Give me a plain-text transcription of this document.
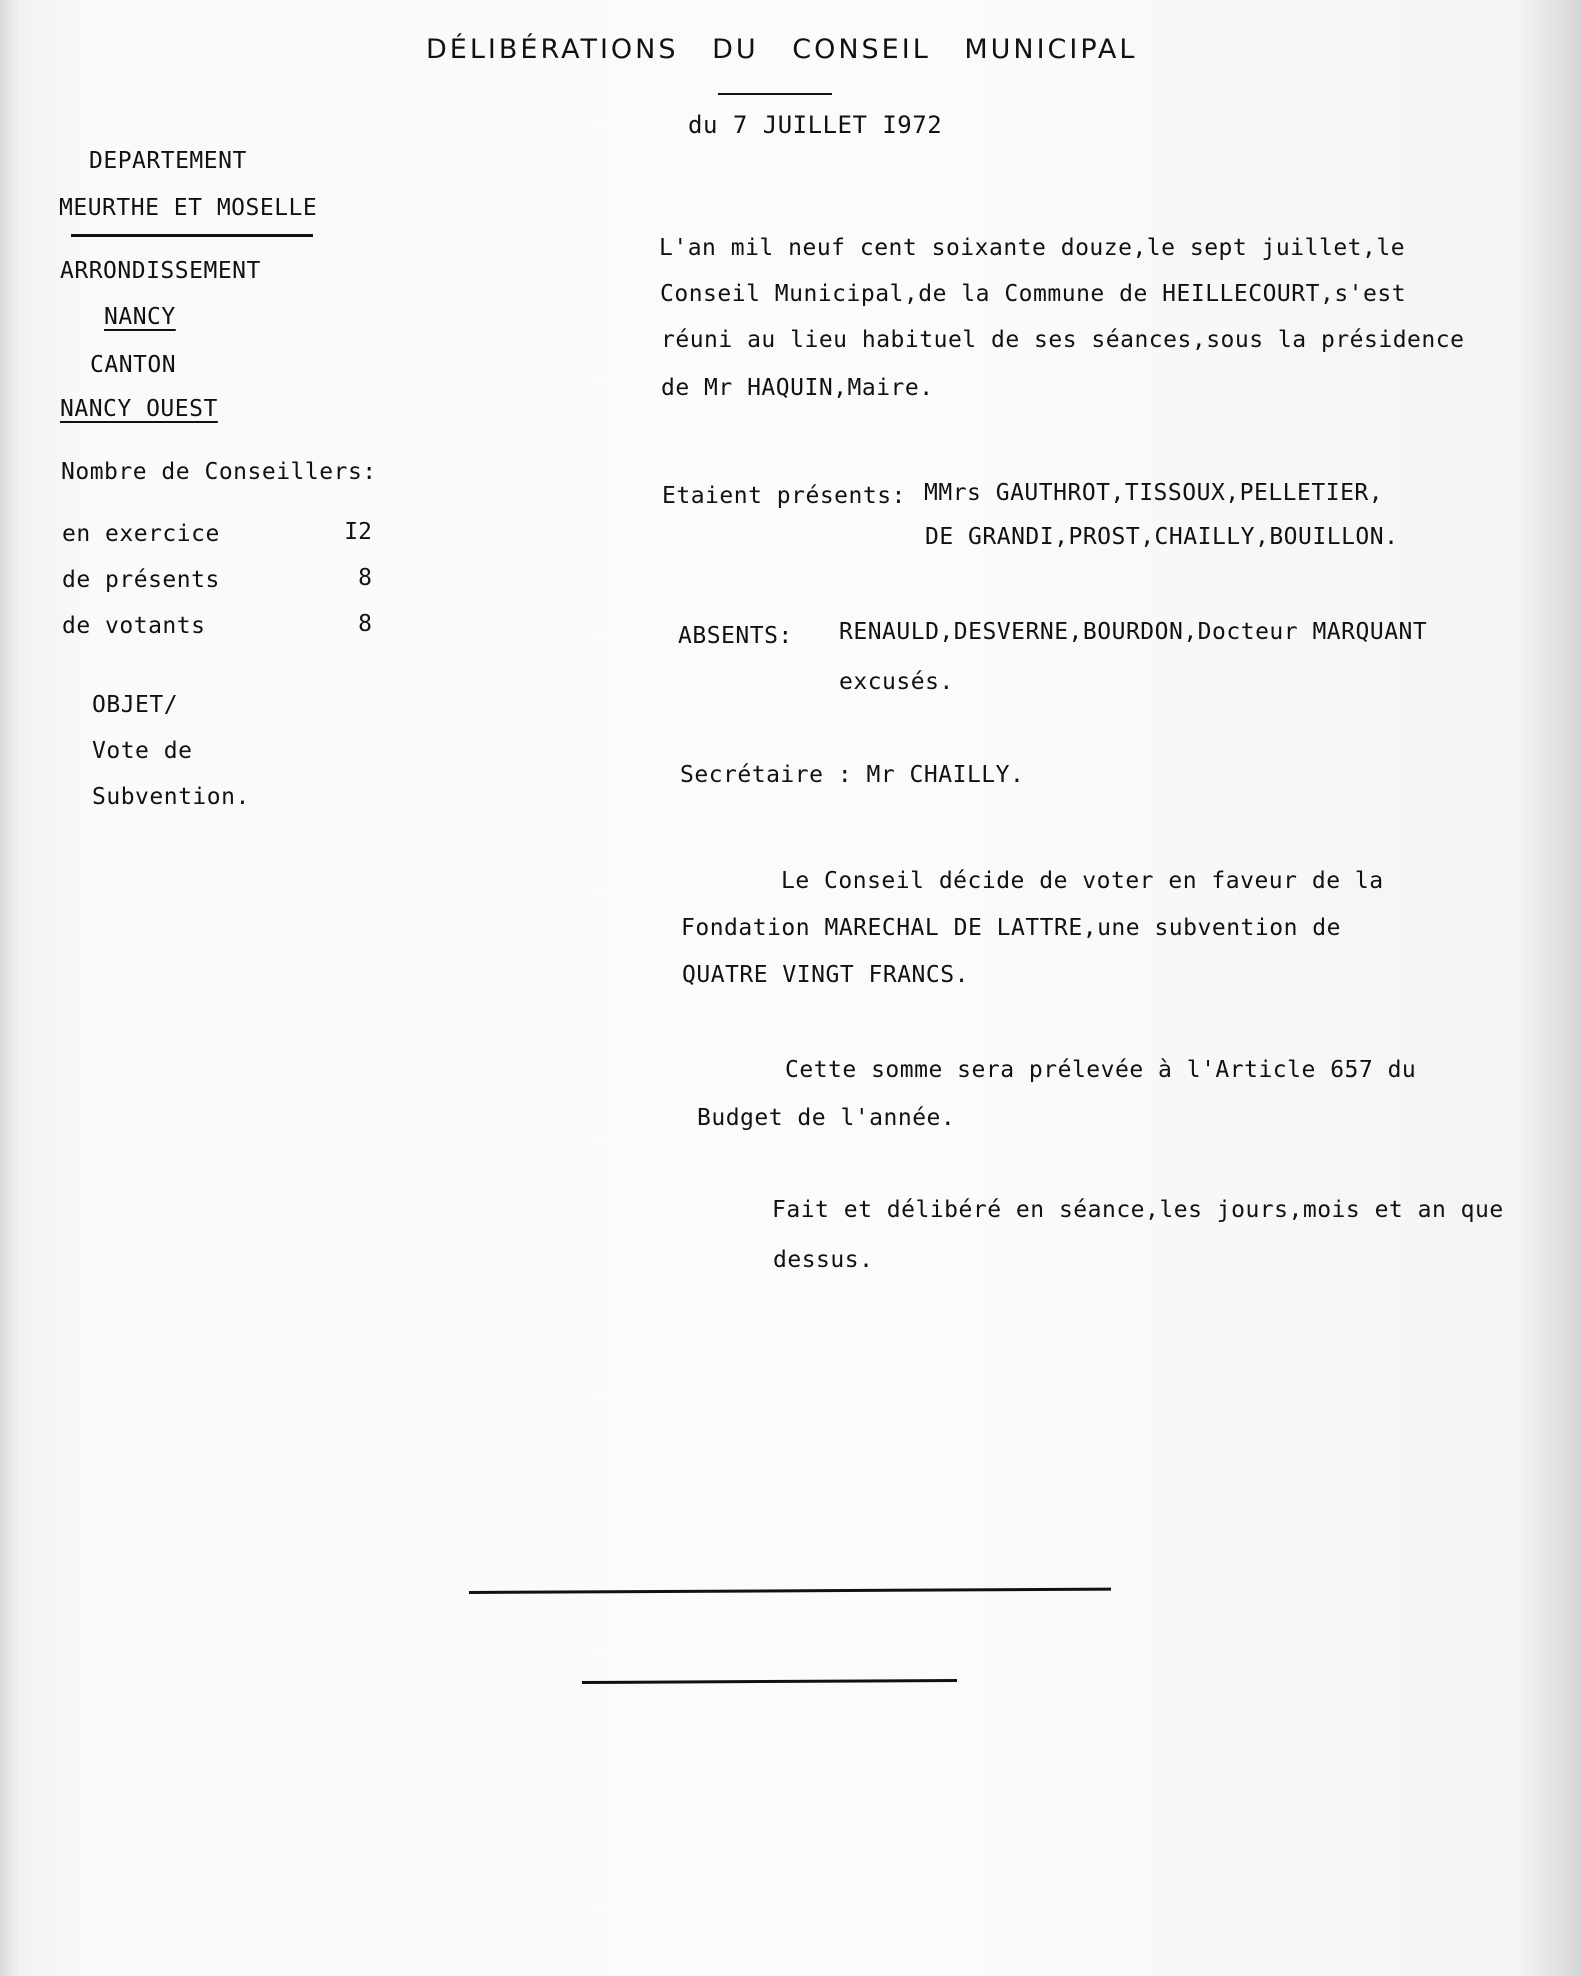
DÉLIBÉRATIONS DU CONSEIL MUNICIPAL
du 7 JUILLET I972
DEPARTEMENT
MEURTHE ET MOSELLE
ARRONDISSEMENT
NANCY
CANTON
NANCY OUEST
Nombre de Conseillers:
en exercice	I2
de présents	8
de votants	8
OBJET/
Vote de
Subvention.
L'an mil neuf cent soixante douze,le sept juillet,le
Conseil Municipal,de la Commune de HEILLECOURT,s'est
réuni au lieu habituel de ses séances,sous la présidence
de Mr HAQUIN,Maire.
Etaient présents: MMrs GAUTHROT,TISSOUX,PELLETIER,
DE GRANDI,PROST,CHAILLY,BOUILLON.
ABSENTS: RENAULD,DESVERNE,BOURDON,Docteur MARQUANT
excusés.
Secrétaire : Mr CHAILLY.
Le Conseil décide de voter en faveur de la
Fondation MARECHAL DE LATTRE,une subvention de
QUATRE VINGT FRANCS.
Cette somme sera prélevée à l'Article 657 du
Budget de l'année.
Fait et délibéré en séance,les jours,mois et an que
dessus.
